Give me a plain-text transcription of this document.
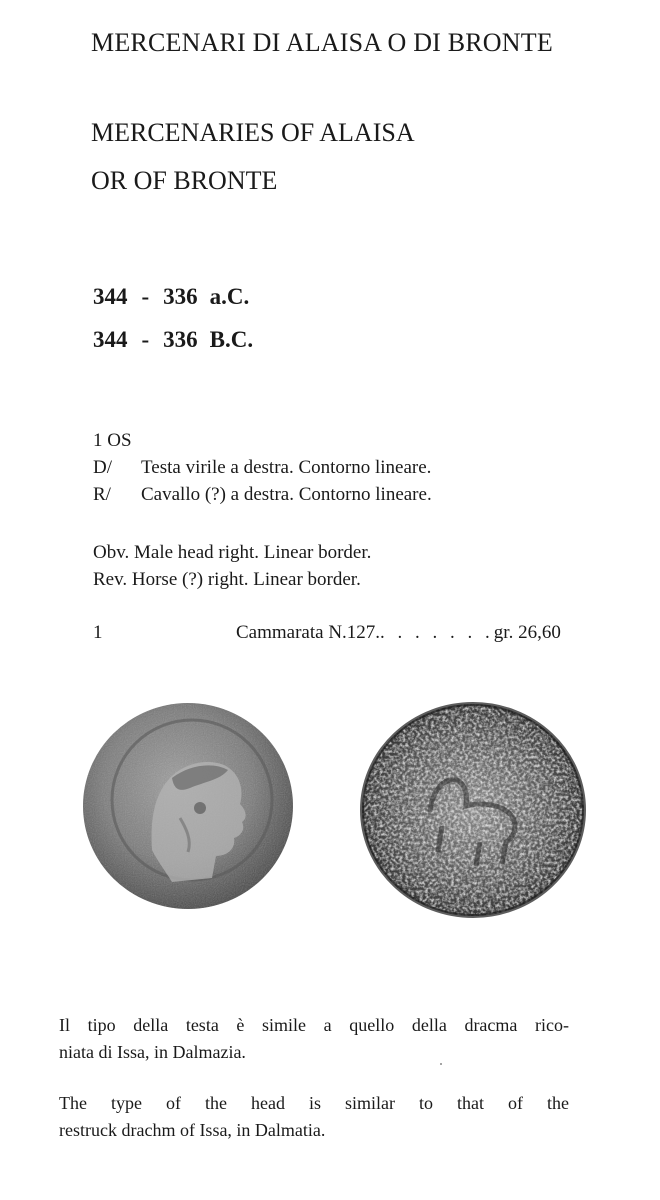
MERCENARI DI ALAISA O DI BRONTE
MERCENARIES OF ALAISA
OR OF BRONTE
344 - 336 a.C.
344 - 336 B.C.
1 OS
D/ Testa virile a destra. Contorno lineare.
R/ Cavallo (?) a destra. Contorno lineare.
Obv. Male head right. Linear border.
Rev. Horse (?) right. Linear border.
1	Cammarata N.127.. . . . . . .gr. 26,60
Il tipo della testa è simile a quello della dracma rico-
niata di Issa, in Dalmazia.
The type of the head is similar to that of the
restruck drachm of Issa, in Dalmatia.
